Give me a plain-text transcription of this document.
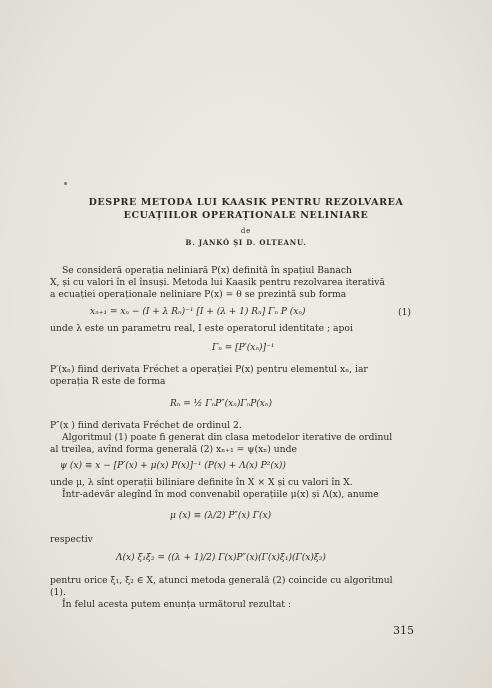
DESPRE METODA LUI KAASIK PENTRU REZOLVAREA
ECUAȚIILOR OPERAȚIONALE NELINIARE
de
B. JANKÓ ȘI D. OLTEANU.
Se consideră operația neliniară P(x) definită în spațiul Banach
X, și cu valori în el însuși. Metoda lui Kaasik pentru rezolvarea iterativă
a ecuației operaționale neliniare P(x) = θ se prezintă sub forma
xₙ₊₁ = xₙ − (I + λ Rₙ)⁻¹ [I + (λ + 1) Rₙ] Γₙ P (xₙ)	(1)
unde λ este un parametru real, I este operatorul identitate ; apoi
Γₙ = [P′(xₙ)]⁻¹
P′(xₙ) fiind derivata Fréchet a operației P(x) pentru elementul xₙ, iar
operația R este de forma
Rₙ = ½ ΓₙP″(xₙ)ΓₙP(xₙ)
P″(x ) fiind derivata Fréchet de ordinul 2.
Algoritmul (1) poate fi generat din clasa metodelor iterative de ordinul
al treilea, avînd forma generală (2) xₙ₊₁ = ψ(xₙ) unde
ψ (x) ≡ x − [P′(x) + μ(x) P(x)]⁻¹ (P(x) + Λ(x) P²(x))
unde μ, λ sînt operații biliniare definite în X × X și cu valori în X.
Într-adevăr alegînd în mod convenabil operațiile μ(x) și Λ(x), anume
μ (x) ≡ (λ/2) P″(x) Γ(x)
respectiv
Λ(x) ξ₁ξ₂ = ((λ + 1)/2) Γ(x)P″(x)(Γ(x)ξ₁)(Γ(x)ξ₂)
pentru orice ξ₁, ξ₂ ∈ X, atunci metoda generală (2) coincide cu algoritmul
(1).
În felul acesta putem enunța următorul rezultat :
315
